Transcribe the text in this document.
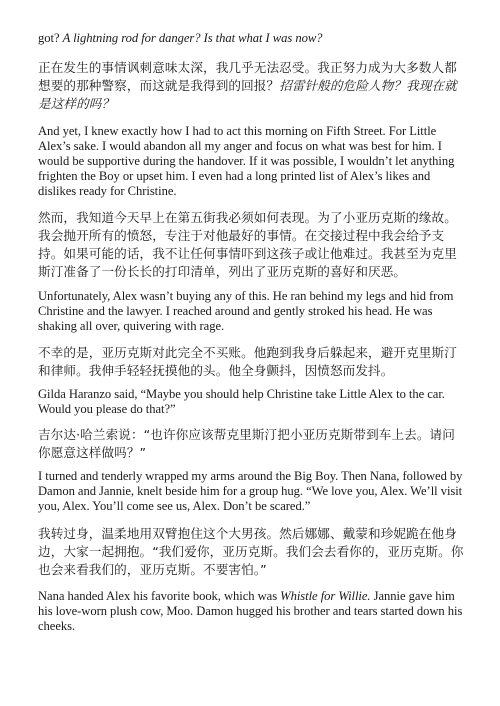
got? A lightning rod for danger? Is that what I was now?

正在发生的事情讽刺意味太深，我几乎无法忍受。我正努力成为大多数人都想要的那种警察，而这就是我得到的回报？招雷针般的危险人物？我现在就是这样的吗？

And yet, I knew exactly how I had to act this morning on Fifth Street. For Little Alex’s sake. I would abandon all my anger and focus on what was best for him. I would be supportive during the handover. If it was possible, I wouldn’t let anything frighten the Boy or upset him. I even had a long printed list of Alex’s likes and dislikes ready for Christine.

然而，我知道今天早上在第五街我必须如何表现。为了小亚历克斯的缘故。我会抛开所有的愤怒，专注于对他最好的事情。在交接过程中我会给予支持。如果可能的话，我不让任何事情吓到这孩子或让他难过。我甚至为克里斯汀准备了一份长长的打印清单，列出了亚历克斯的喜好和厌恶。

Unfortunately, Alex wasn’t buying any of this. He ran behind my legs and hid from Christine and the lawyer. I reached around and gently stroked his head. He was shaking all over, quivering with rage.

不幸的是，亚历克斯对此完全不买账。他跑到我身后躲起来，避开克里斯汀和律师。我伸手轻轻抚摸他的头。他全身颤抖，因愤怒而发抖。

Gilda Haranzo said, “Maybe you should help Christine take Little Alex to the car. Would you please do that?”

吉尔达·哈兰索说：“也许你应该帮克里斯汀把小亚历克斯带到车上去。请问你愿意这样做吗？”

I turned and tenderly wrapped my arms around the Big Boy. Then Nana, followed by Damon and Jannie, knelt beside him for a group hug. “We love you, Alex. We’ll visit you, Alex. You’ll come see us, Alex. Don’t be scared.”

我转过身，温柔地用双臂抱住这个大男孩。然后娜娜、戴蒙和珍妮跪在他身边，大家一起拥抱。“我们爱你，亚历克斯。我们会去看你的，亚历克斯。你也会来看我们的，亚历克斯。不要害怕。”

Nana handed Alex his favorite book, which was Whistle for Willie. Jannie gave him his love-worn plush cow, Moo. Damon hugged his brother and tears started down his cheeks.
